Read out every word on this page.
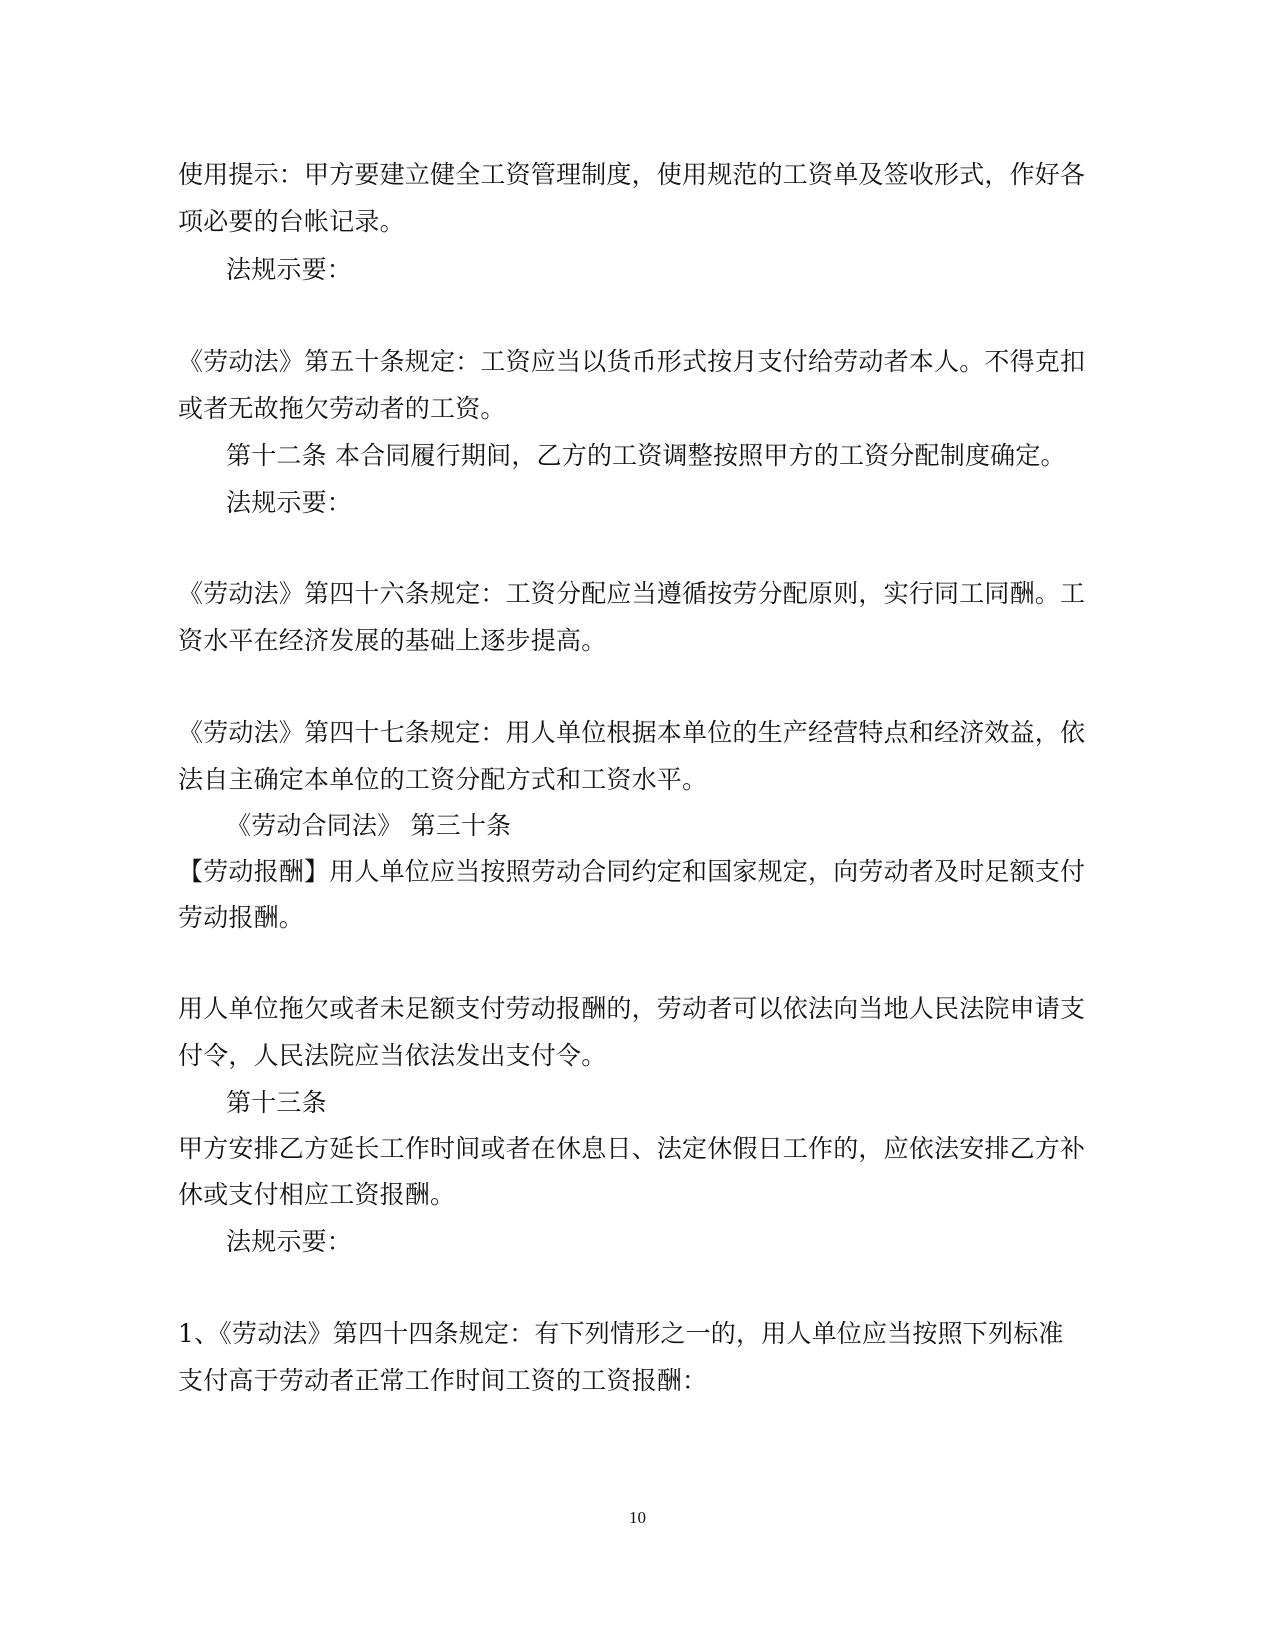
使用提示：甲方要建立健全工资管理制度，使用规范的工资单及签收形式，作好各
项必要的台帐记录。
法规示要：
《劳动法》第五十条规定：工资应当以货币形式按月支付给劳动者本人。不得克扣
或者无故拖欠劳动者的工资。
第十二条 本合同履行期间，乙方的工资调整按照甲方的工资分配制度确定。
法规示要：
《劳动法》第四十六条规定：工资分配应当遵循按劳分配原则，实行同工同酬。工
资水平在经济发展的基础上逐步提高。
《劳动法》第四十七条规定：用人单位根据本单位的生产经营特点和经济效益，依
法自主确定本单位的工资分配方式和工资水平。
《劳动合同法》 第三十条
【劳动报酬】用人单位应当按照劳动合同约定和国家规定，向劳动者及时足额支付
劳动报酬。
用人单位拖欠或者未足额支付劳动报酬的，劳动者可以依法向当地人民法院申请支
付令，人民法院应当依法发出支付令。
第十三条
甲方安排乙方延长工作时间或者在休息日、法定休假日工作的，应依法安排乙方补
休或支付相应工资报酬。
法规示要：
1、《劳动法》第四十四条规定：有下列情形之一的，用人单位应当按照下列标准
支付高于劳动者正常工作时间工资的工资报酬：
10
